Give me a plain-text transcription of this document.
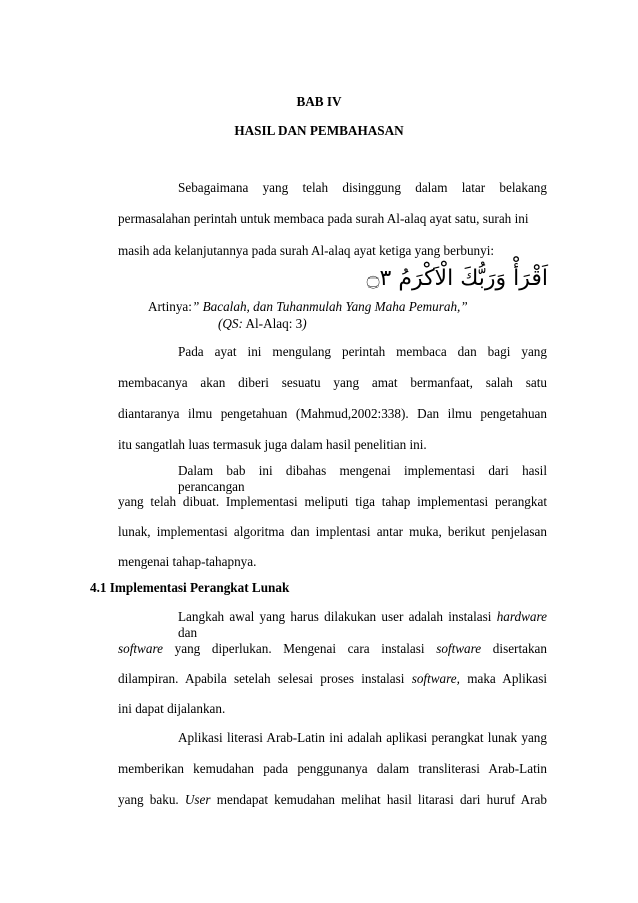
BAB IV
HASIL DAN PEMBAHASAN
Sebagaimana yang telah disinggung dalam latar belakang
permasalahan perintah untuk membaca pada surah Al-alaq ayat satu, surah ini
masih ada kelanjutannya pada surah Al-alaq ayat ketiga yang berbunyi:
اَقْرَأْ وَرَبُّكَ الْاَكْرَمُ ۝٣
Artinya:” Bacalah, dan Tuhanmulah Yang Maha Pemurah,”
(QS: Al-Alaq: 3)
Pada ayat ini mengulang perintah membaca dan bagi yang
membacanya akan diberi sesuatu yang amat bermanfaat, salah satu
diantaranya ilmu pengetahuan (Mahmud,2002:338). Dan ilmu pengetahuan
itu sangatlah luas termasuk juga dalam hasil penelitian ini.
Dalam bab ini dibahas mengenai implementasi dari hasil perancangan
yang telah dibuat. Implementasi meliputi tiga tahap implementasi perangkat
lunak, implementasi algoritma dan implentasi antar muka, berikut penjelasan
mengenai tahap-tahapnya.
4.1 Implementasi Perangkat Lunak
Langkah awal yang harus dilakukan user adalah instalasi hardware dan
software yang diperlukan. Mengenai cara instalasi software disertakan
dilampiran. Apabila setelah selesai proses instalasi software, maka Aplikasi
ini dapat dijalankan.
Aplikasi literasi Arab-Latin ini adalah aplikasi perangkat lunak yang
memberikan kemudahan pada penggunanya dalam transliterasi Arab-Latin
yang baku. User mendapat kemudahan melihat hasil litarasi dari huruf Arab
